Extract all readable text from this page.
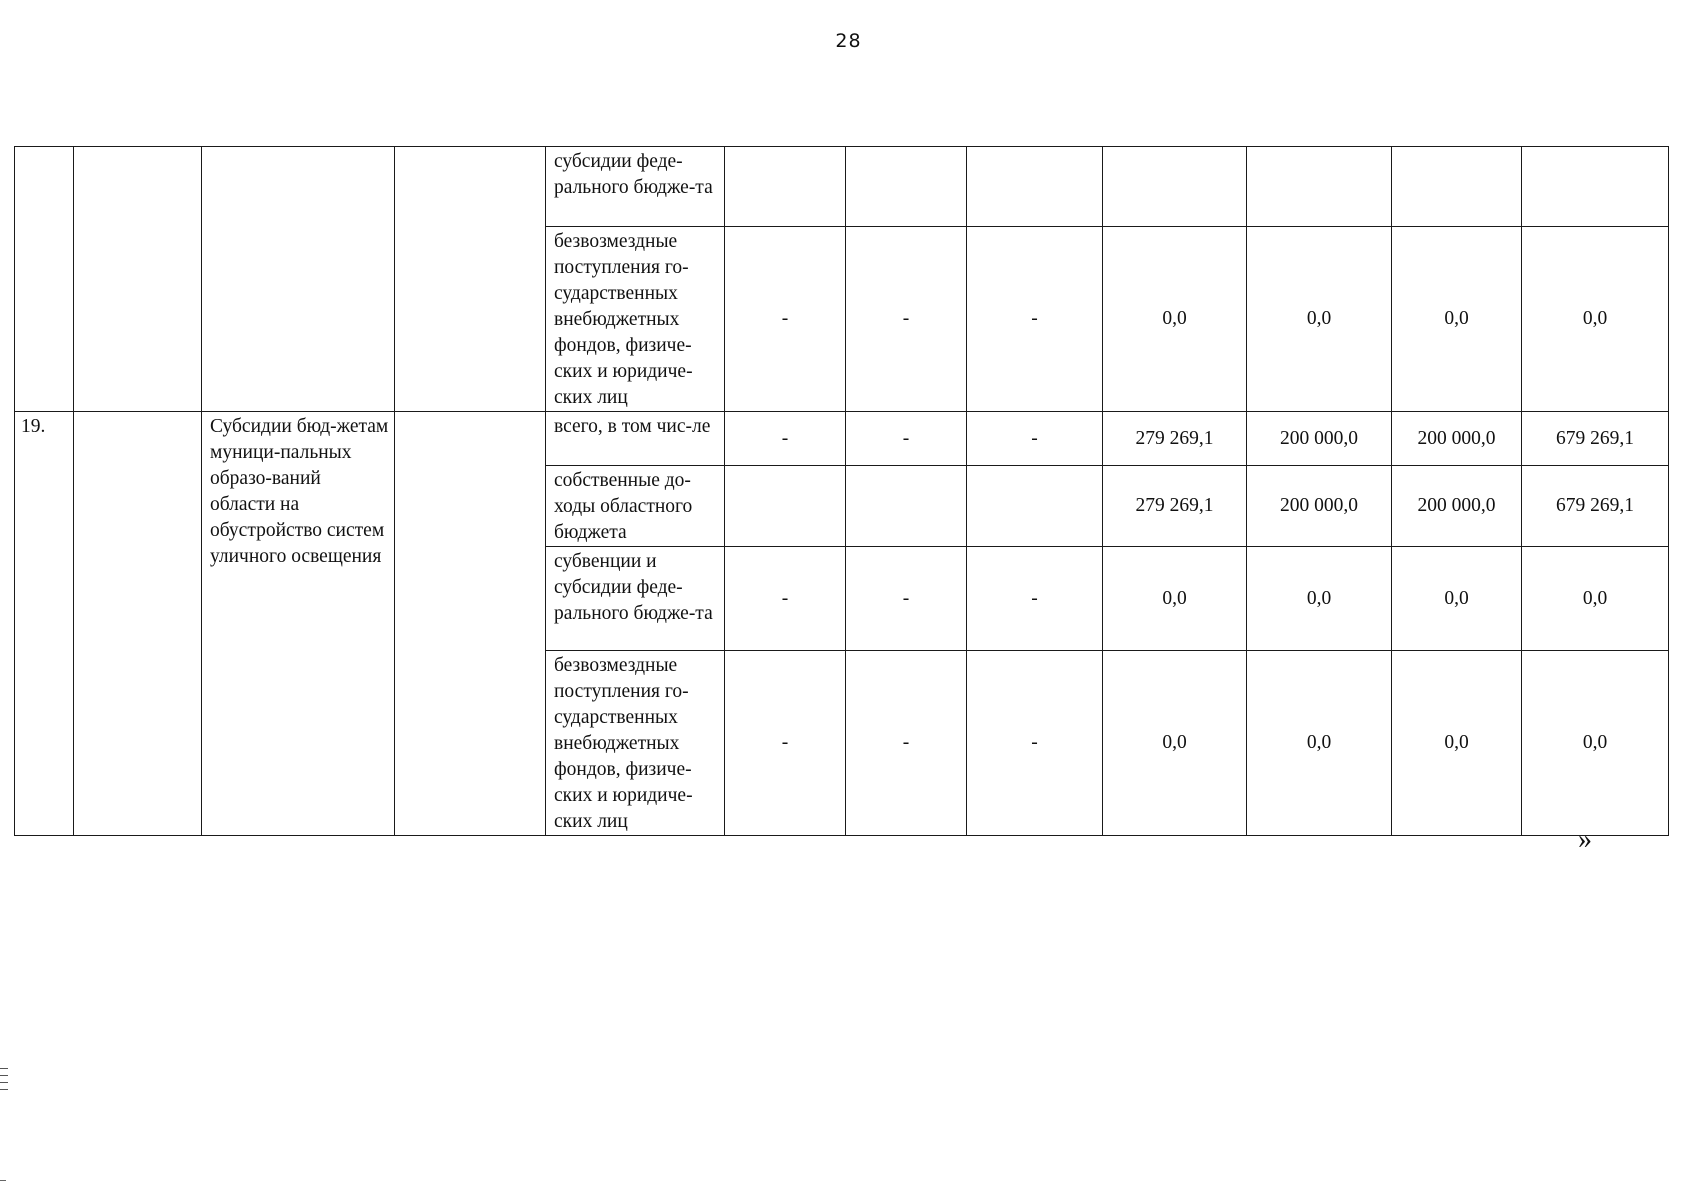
28
				субсидии феде-ральнoго бюдже-та							
				безвозмездные поступления го-сударственных внебюджетных фондов, физиче-ских и юридиче-ских лиц	-	-	-	0,0	0,0	0,0	0,0
19.		Субсидии бюд-жетам муници-пальных образо-ваний области на обустройство систем уличного освещения		всего, в том чис-ле	-	-	-	279 269,1	200 000,0	200 000,0	679 269,1
				собственные до-ходы областного бюджета				279 269,1	200 000,0	200 000,0	679 269,1
				субвенции и субсидии феде-рального бюдже-та	-	-	-	0,0	0,0	0,0	0,0
				безвозмездные поступления го-сударственных внебюджетных фондов, физиче-ских и юридиче-ских лиц	-	-	-	0,0	0,0	0,0	0,0
»
